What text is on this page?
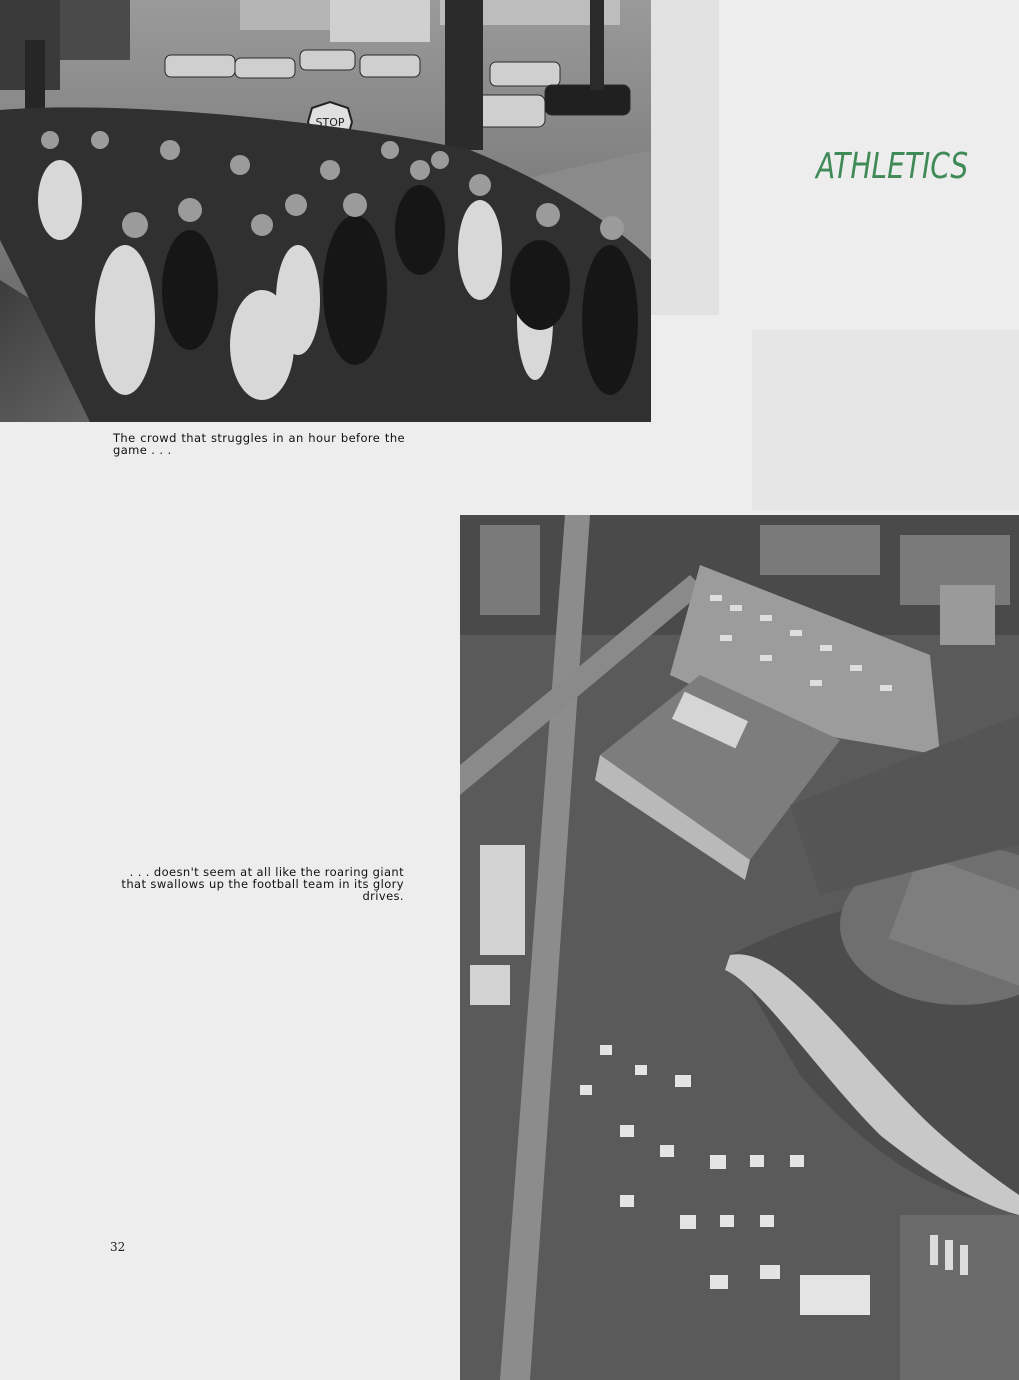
STOP

The crowd that struggles in an hour before the game . . .

ATHLETICS

. . . doesn't seem at all like the roaring giant that swallows up the football team in its glory drives.

32
